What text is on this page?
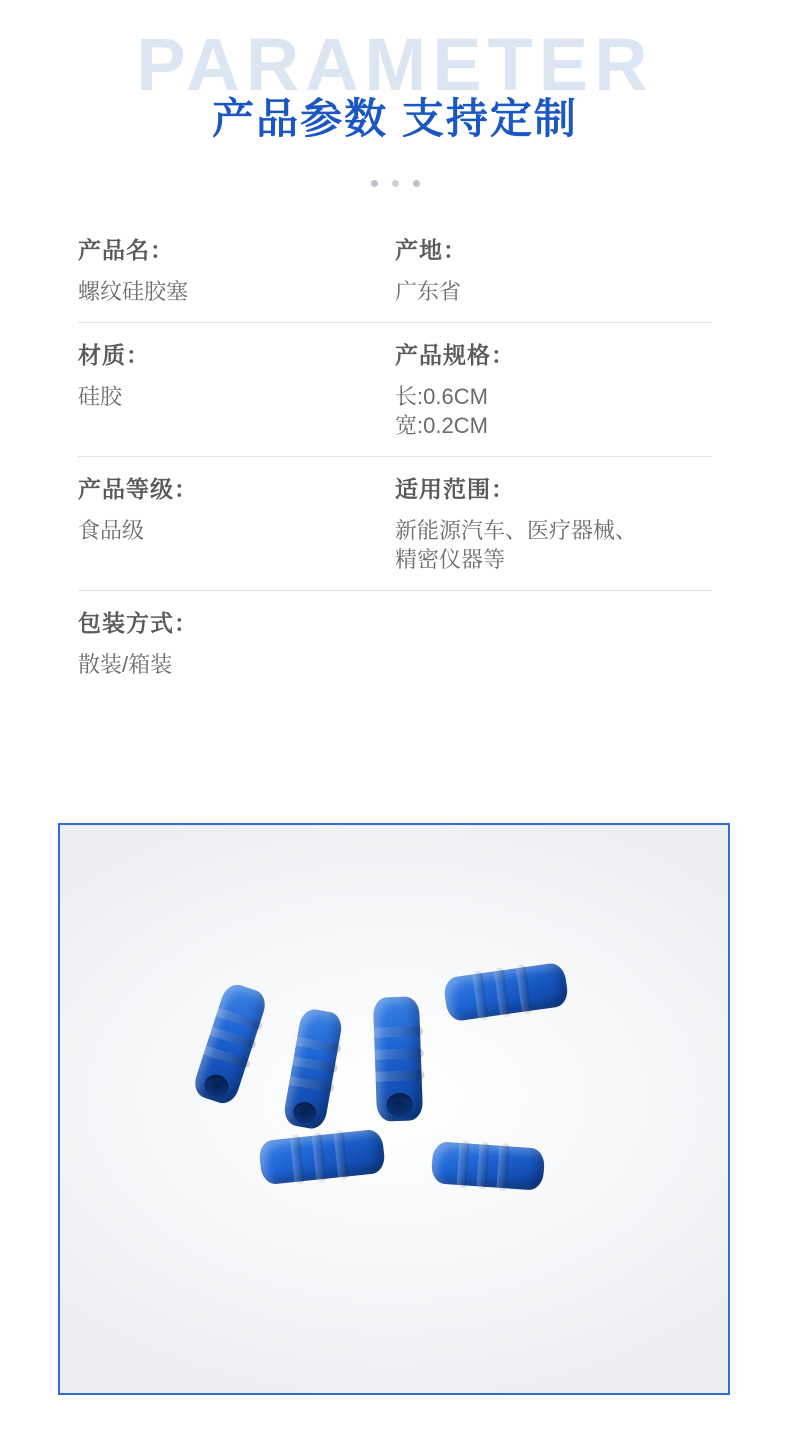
PARAMETER
产品参数 支持定制
产品名：
螺纹硅胶塞
产地：
广东省
材质：
硅胶
产品规格：
长:0.6CM
宽:0.2CM
产品等级：
食品级
适用范围：
新能源汽车、医疗器械、
精密仪器等
包装方式：
散装/箱装
